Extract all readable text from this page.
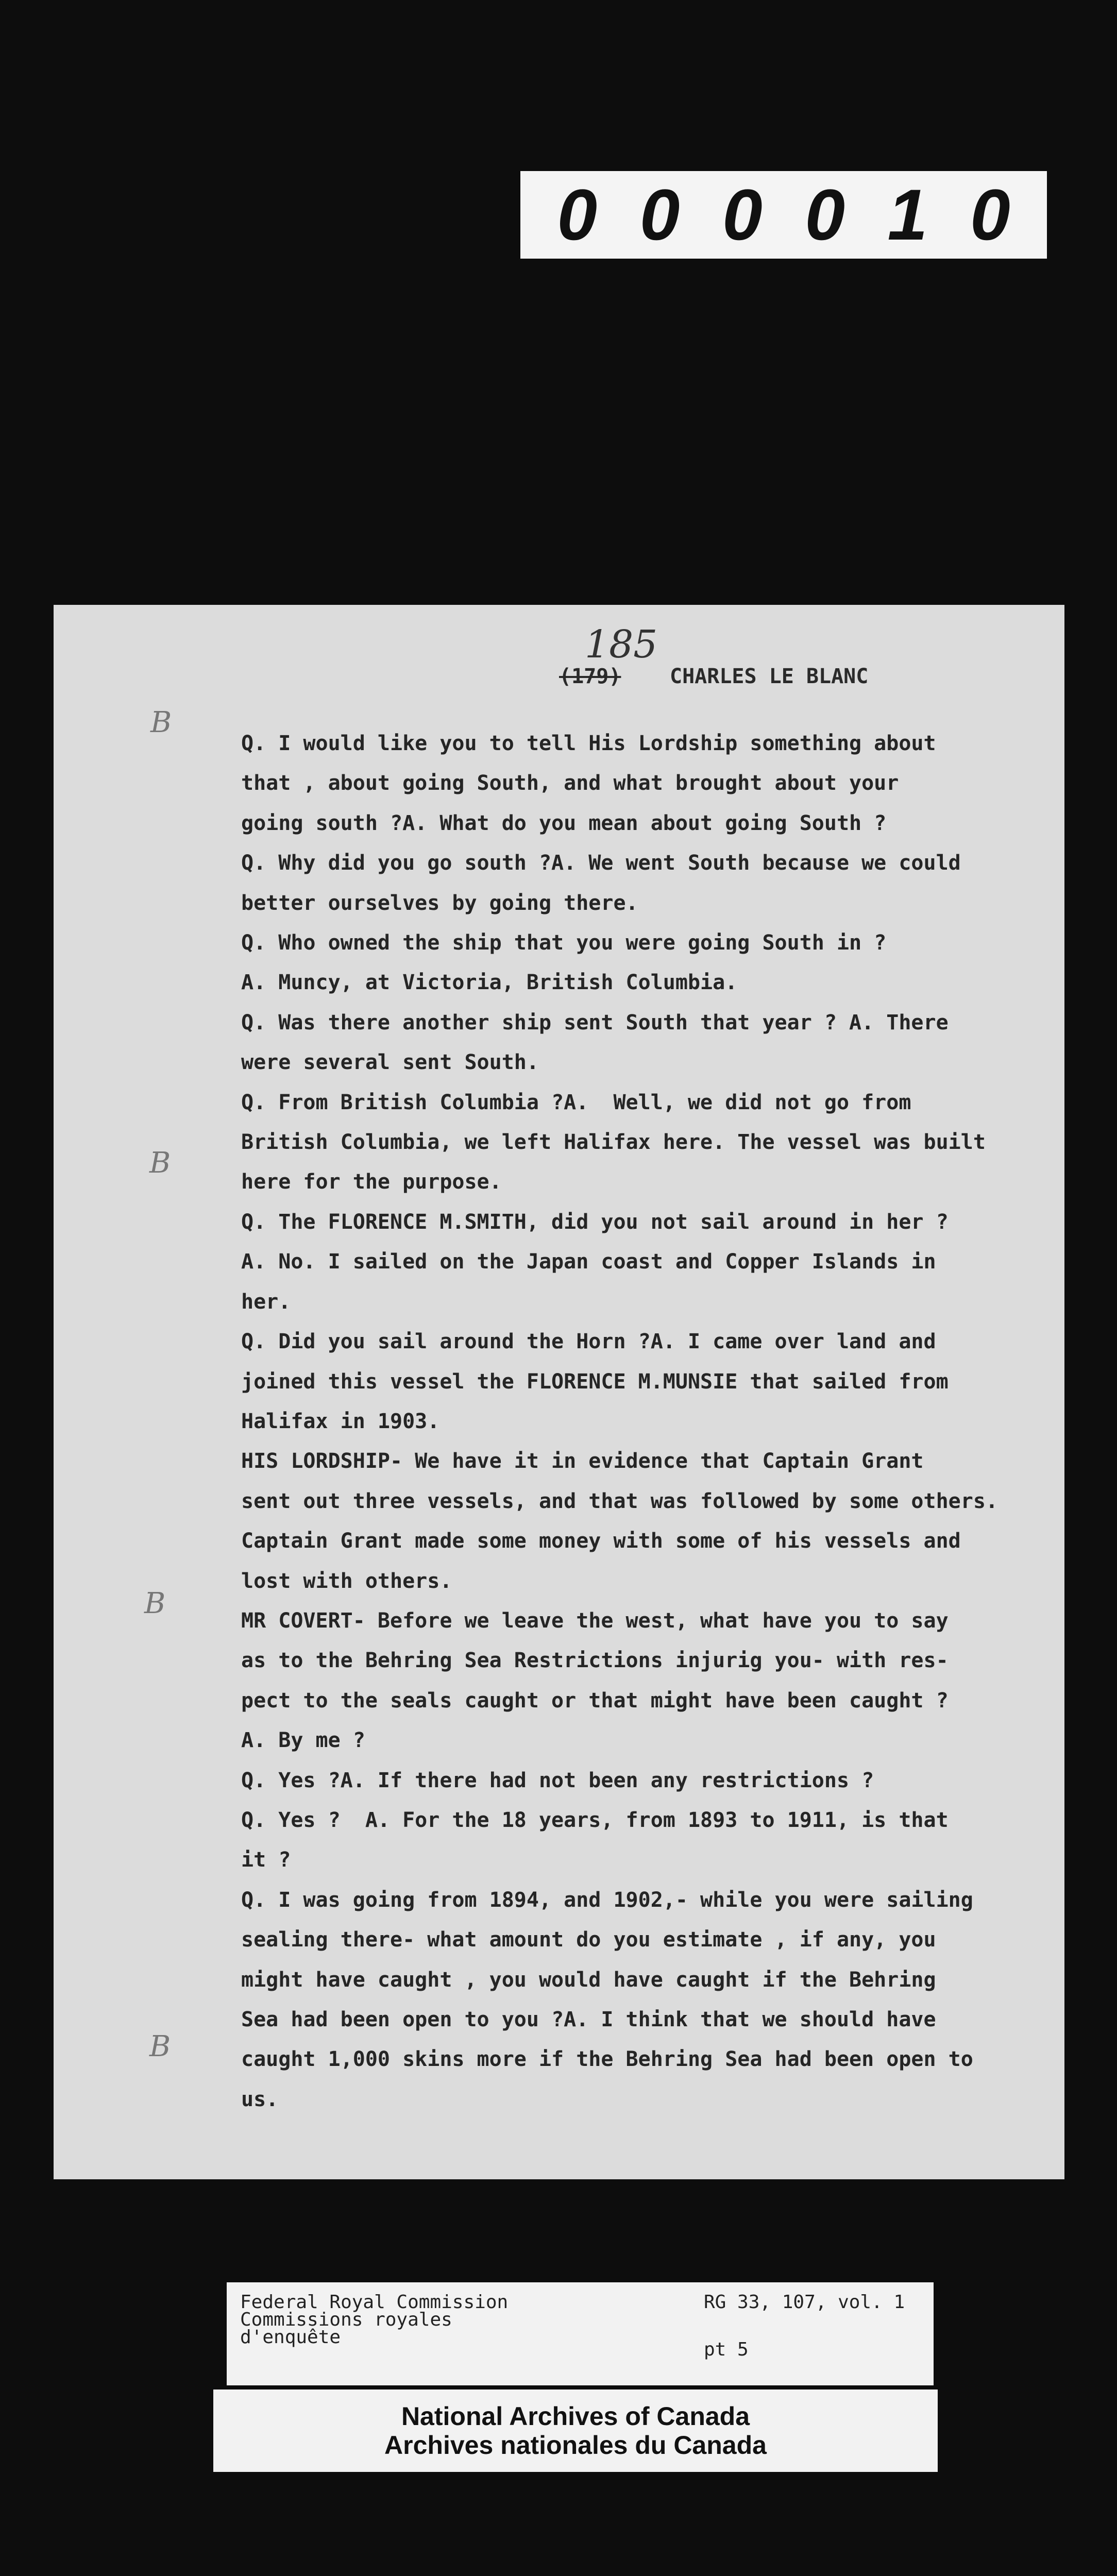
0 0 0 0 1 0
185
(179) CHARLES LE BLANC
B
B
B
B
Q. I would like you to tell His Lordship something about
that , about going South, and what brought about your
going south ?A. What do you mean about going South ?
Q. Why did you go south ?A. We went South because we could
better ourselves by going there.
Q. Who owned the ship that you were going South in ?
A. Muncy, at Victoria, British Columbia.
Q. Was there another ship sent South that year ? A. There
were several sent South.
Q. From British Columbia ?A.  Well, we did not go from
British Columbia, we left Halifax here. The vessel was built
here for the purpose.
Q. The FLORENCE M.SMITH, did you not sail around in her ?
A. No. I sailed on the Japan coast and Copper Islands in
her.
Q. Did you sail around the Horn ?A. I came over land and
joined this vessel the FLORENCE M.MUNSIE that sailed from
Halifax in 1903.
HIS LORDSHIP- We have it in evidence that Captain Grant
sent out three vessels, and that was followed by some others.
Captain Grant made some money with some of his vessels and
lost with others.
MR COVERT- Before we leave the west, what have you to say
as to the Behring Sea Restrictions injurig you- with res-
pect to the seals caught or that might have been caught ?
A. By me ?
Q. Yes ?A. If there had not been any restrictions ?
Q. Yes ?  A. For the 18 years, from 1893 to 1911, is that
it ?
Q. I was going from 1894, and 1902,- while you were sailing
sealing there- what amount do you estimate , if any, you
might have caught , you would have caught if the Behring
Sea had been open to you ?A. I think that we should have
caught 1,000 skins more if the Behring Sea had been open to
us.
Federal Royal Commission
Commissions royales
d'enquête
RG 33, 107, vol. 1
pt 5
National Archives of Canada
Archives nationales du Canada
